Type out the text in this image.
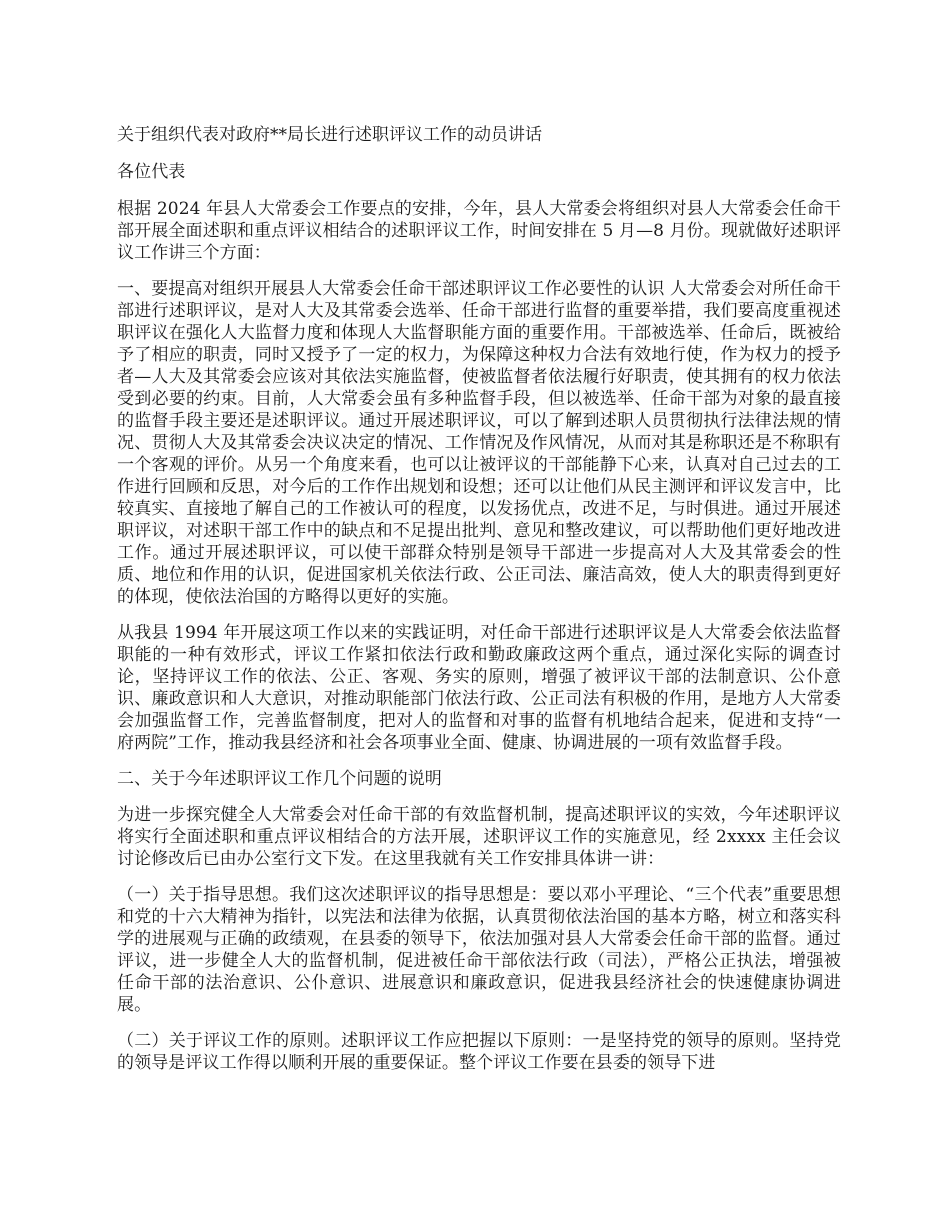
关于组织代表对政府**局长进行述职评议工作的动员讲话
各位代表
根据 2024 年县人大常委会工作要点的安排，今年，县人大常委会将组织对县人大常委会任命干部开展全面述职和重点评议相结合的述职评议工作，时间安排在 5 月—8 月份。现就做好述职评议工作讲三个方面：
一、要提高对组织开展县人大常委会任命干部述职评议工作必要性的认识 人大常委会对所任命干部进行述职评议，是对人大及其常委会选举、任命干部进行监督的重要举措，我们要高度重视述职评议在强化人大监督力度和体现人大监督职能方面的重要作用。干部被选举、任命后，既被给予了相应的职责，同时又授予了一定的权力，为保障这种权力合法有效地行使，作为权力的授予者—人大及其常委会应该对其依法实施监督，使被监督者依法履行好职责，使其拥有的权力依法受到必要的约束。目前，人大常委会虽有多种监督手段，但以被选举、任命干部为对象的最直接的监督手段主要还是述职评议。通过开展述职评议，可以了解到述职人员贯彻执行法律法规的情况、贯彻人大及其常委会决议决定的情况、工作情况及作风情况，从而对其是称职还是不称职有一个客观的评价。从另一个角度来看，也可以让被评议的干部能静下心来，认真对自己过去的工作进行回顾和反思，对今后的工作作出规划和设想；还可以让他们从民主测评和评议发言中，比较真实、直接地了解自己的工作被认可的程度，以发扬优点，改进不足，与时俱进。通过开展述职评议，对述职干部工作中的缺点和不足提出批判、意见和整改建议，可以帮助他们更好地改进工作。通过开展述职评议，可以使干部群众特别是领导干部进一步提高对人大及其常委会的性质、地位和作用的认识，促进国家机关依法行政、公正司法、廉洁高效，使人大的职责得到更好的体现，使依法治国的方略得以更好的实施。
从我县 1994 年开展这项工作以来的实践证明，对任命干部进行述职评议是人大常委会依法监督职能的一种有效形式，评议工作紧扣依法行政和勤政廉政这两个重点，通过深化实际的调查讨论，坚持评议工作的依法、公正、客观、务实的原则，增强了被评议干部的法制意识、公仆意识、廉政意识和人大意识，对推动职能部门依法行政、公正司法有积极的作用，是地方人大常委会加强监督工作，完善监督制度，把对人的监督和对事的监督有机地结合起来，促进和支持“一府两院”工作，推动我县经济和社会各项事业全面、健康、协调进展的一项有效监督手段。
二、关于今年述职评议工作几个问题的说明
为进一步探究健全人大常委会对任命干部的有效监督机制，提高述职评议的实效，今年述职评议将实行全面述职和重点评议相结合的方法开展，述职评议工作的实施意见，经 2xxxx 主任会议讨论修改后已由办公室行文下发。在这里我就有关工作安排具体讲一讲：
（一）关于指导思想。我们这次述职评议的指导思想是：要以邓小平理论、“三个代表”重要思想和党的十六大精神为指针，以宪法和法律为依据，认真贯彻依法治国的基本方略，树立和落实科学的进展观与正确的政绩观，在县委的领导下，依法加强对县人大常委会任命干部的监督。通过评议，进一步健全人大的监督机制，促进被任命干部依法行政（司法），严格公正执法，增强被任命干部的法治意识、公仆意识、进展意识和廉政意识，促进我县经济社会的快速健康协调进展。
（二）关于评议工作的原则。述职评议工作应把握以下原则：一是坚持党的领导的原则。坚持党的领导是评议工作得以顺利开展的重要保证。整个评议工作要在县委的领导下进
